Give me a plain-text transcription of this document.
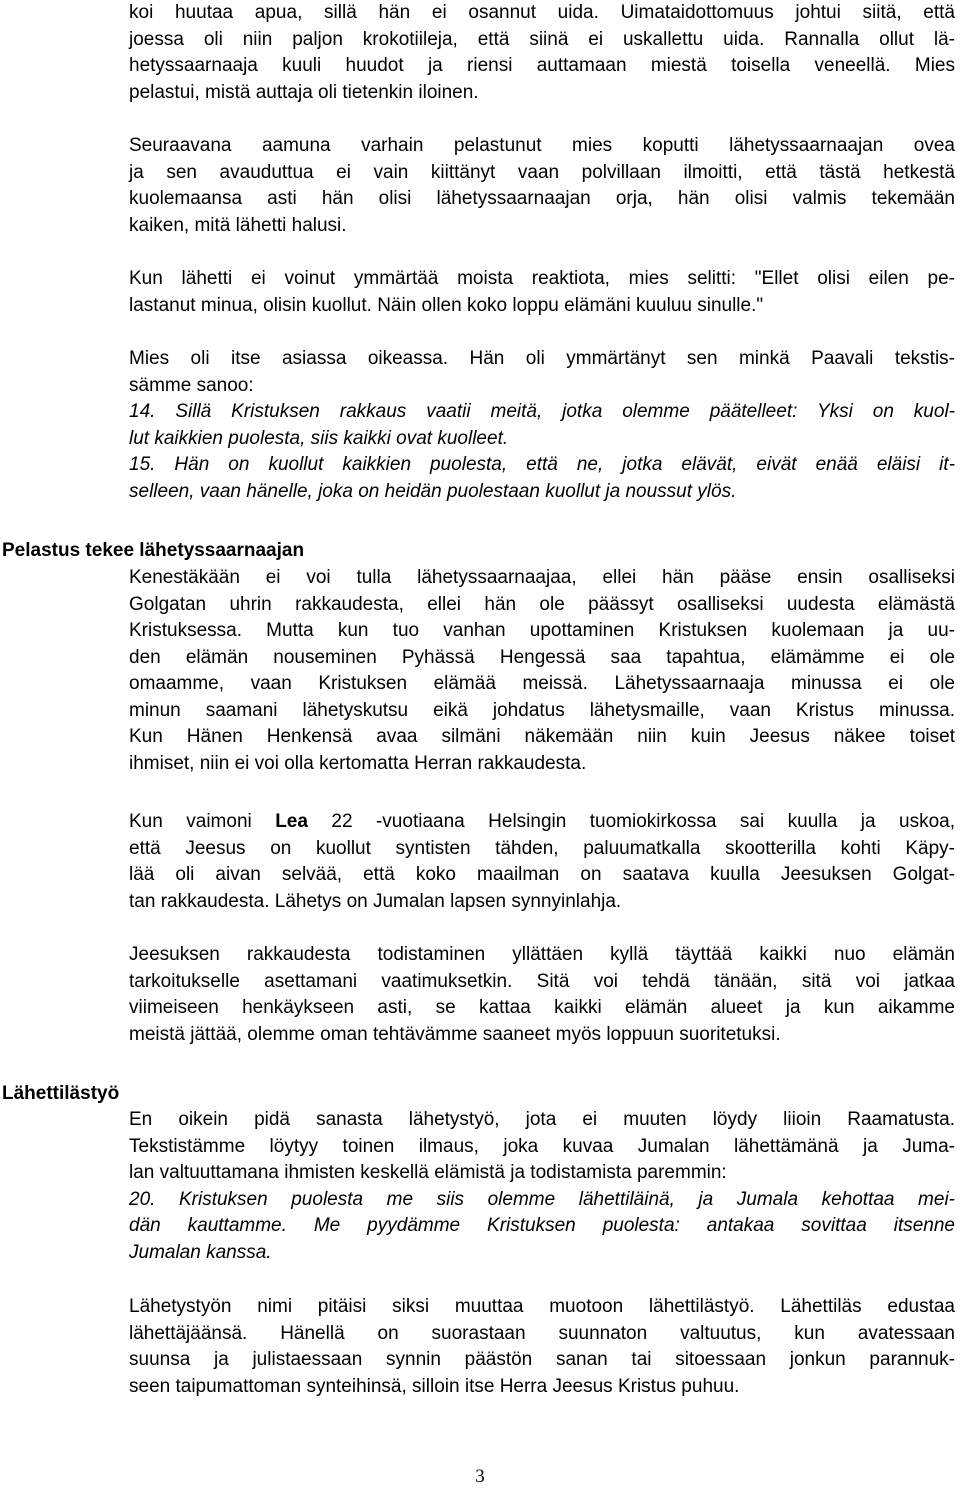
koi huutaa apua, sillä hän ei osannut uida. Uimataidottomuus johtui siitä, että
joessa oli niin paljon krokotiileja, että siinä ei uskallettu uida. Rannalla ollut lä-
hetyssaarnaaja kuuli huudot ja riensi auttamaan miestä toisella veneellä. Mies
pelastui, mistä auttaja oli tietenkin iloinen.
Seuraavana aamuna varhain pelastunut mies koputti lähetyssaarnaajan ovea
ja sen avauduttua ei vain kiittänyt vaan polvillaan ilmoitti, että tästä hetkestä
kuolemaansa asti hän olisi lähetyssaarnaajan orja, hän olisi valmis tekemään
kaiken, mitä lähetti halusi.
Kun lähetti ei voinut ymmärtää moista reaktiota, mies selitti: "Ellet olisi eilen pe-
lastanut minua, olisin kuollut. Näin ollen koko loppu elämäni kuuluu sinulle."
Mies oli itse asiassa oikeassa. Hän oli ymmärtänyt sen minkä Paavali tekstis-
sämme sanoo:
14. Sillä Kristuksen rakkaus vaatii meitä, jotka olemme päätelleet: Yksi on kuol-
lut kaikkien puolesta, siis kaikki ovat kuolleet.
15. Hän on kuollut kaikkien puolesta, että ne, jotka elävät, eivät enää eläisi it-
selleen, vaan hänelle, joka on heidän puolestaan kuollut ja noussut ylös.
Pelastus tekee lähetyssaarnaajan
Kenestäkään ei voi tulla lähetyssaarnaajaa, ellei hän pääse ensin osalliseksi
Golgatan uhrin rakkaudesta, ellei hän ole päässyt osalliseksi uudesta elämästä
Kristuksessa. Mutta kun tuo vanhan upottaminen Kristuksen kuolemaan ja uu-
den elämän nouseminen Pyhässä Hengessä saa tapahtua, elämämme ei ole
omaamme, vaan Kristuksen elämää meissä. Lähetyssaarnaaja minussa ei ole
minun saamani lähetyskutsu eikä johdatus lähetysmaille, vaan Kristus minussa.
Kun Hänen Henkensä avaa silmäni näkemään niin kuin Jeesus näkee toiset
ihmiset, niin ei voi olla kertomatta Herran rakkaudesta.
Kun vaimoni Lea 22 -vuotiaana Helsingin tuomiokirkossa sai kuulla ja uskoa,
että Jeesus on kuollut syntisten tähden, paluumatkalla skootterilla kohti Käpy-
lää oli aivan selvää, että koko maailman on saatava kuulla Jeesuksen Golgat-
tan rakkaudesta. Lähetys on Jumalan lapsen synnyinlahja.
Jeesuksen rakkaudesta todistaminen yllättäen kyllä täyttää kaikki nuo elämän
tarkoitukselle asettamani vaatimuksetkin. Sitä voi tehdä tänään, sitä voi jatkaa
viimeiseen henkäykseen asti, se kattaa kaikki elämän alueet ja kun aikamme
meistä jättää, olemme oman tehtävämme saaneet myös loppuun suoritetuksi.
Lähettilästyö
En oikein pidä sanasta lähetystyö, jota ei muuten löydy liioin Raamatusta.
Tekstistämme löytyy toinen ilmaus, joka kuvaa Jumalan lähettämänä ja Juma-
lan valtuuttamana ihmisten keskellä elämistä ja todistamista paremmin:
20. Kristuksen puolesta me siis olemme lähettiläinä, ja Jumala kehottaa mei-
dän kauttamme. Me pyydämme Kristuksen puolesta: antakaa sovittaa itsenne
Jumalan kanssa.
Lähetystyön nimi pitäisi siksi muuttaa muotoon lähettilästyö. Lähettiläs edustaa
lähettäjäänsä. Hänellä on suorastaan suunnaton valtuutus, kun avatessaan
suunsa ja julistaessaan synnin päästön sanan tai sitoessaan jonkun parannuk-
seen taipumattoman synteihinsä, silloin itse Herra Jeesus Kristus puhuu.
3
